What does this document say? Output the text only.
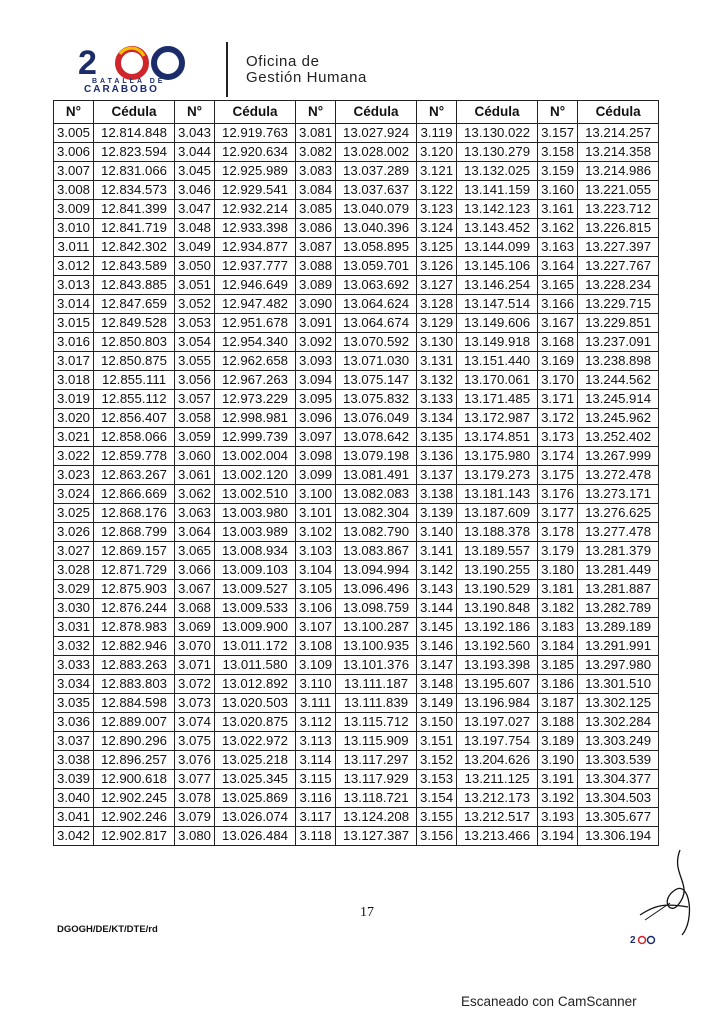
2
BATALLA DE
CARABOBO
Oficina de
Gestión Humana
N°	Cédula	N°	Cédula	N°	Cédula	N°	Cédula	N°	Cédula
3.005	12.814.848	3.043	12.919.763	3.081	13.027.924	3.119	13.130.022	3.157	13.214.257
3.006	12.823.594	3.044	12.920.634	3.082	13.028.002	3.120	13.130.279	3.158	13.214.358
3.007	12.831.066	3.045	12.925.989	3.083	13.037.289	3.121	13.132.025	3.159	13.214.986
3.008	12.834.573	3.046	12.929.541	3.084	13.037.637	3.122	13.141.159	3.160	13.221.055
3.009	12.841.399	3.047	12.932.214	3.085	13.040.079	3.123	13.142.123	3.161	13.223.712
3.010	12.841.719	3.048	12.933.398	3.086	13.040.396	3.124	13.143.452	3.162	13.226.815
3.011	12.842.302	3.049	12.934.877	3.087	13.058.895	3.125	13.144.099	3.163	13.227.397
3.012	12.843.589	3.050	12.937.777	3.088	13.059.701	3.126	13.145.106	3.164	13.227.767
3.013	12.843.885	3.051	12.946.649	3.089	13.063.692	3.127	13.146.254	3.165	13.228.234
3.014	12.847.659	3.052	12.947.482	3.090	13.064.624	3.128	13.147.514	3.166	13.229.715
3.015	12.849.528	3.053	12.951.678	3.091	13.064.674	3.129	13.149.606	3.167	13.229.851
3.016	12.850.803	3.054	12.954.340	3.092	13.070.592	3.130	13.149.918	3.168	13.237.091
3.017	12.850.875	3.055	12.962.658	3.093	13.071.030	3.131	13.151.440	3.169	13.238.898
3.018	12.855.111	3.056	12.967.263	3.094	13.075.147	3.132	13.170.061	3.170	13.244.562
3.019	12.855.112	3.057	12.973.229	3.095	13.075.832	3.133	13.171.485	3.171	13.245.914
3.020	12.856.407	3.058	12.998.981	3.096	13.076.049	3.134	13.172.987	3.172	13.245.962
3.021	12.858.066	3.059	12.999.739	3.097	13.078.642	3.135	13.174.851	3.173	13.252.402
3.022	12.859.778	3.060	13.002.004	3.098	13.079.198	3.136	13.175.980	3.174	13.267.999
3.023	12.863.267	3.061	13.002.120	3.099	13.081.491	3.137	13.179.273	3.175	13.272.478
3.024	12.866.669	3.062	13.002.510	3.100	13.082.083	3.138	13.181.143	3.176	13.273.171
3.025	12.868.176	3.063	13.003.980	3.101	13.082.304	3.139	13.187.609	3.177	13.276.625
3.026	12.868.799	3.064	13.003.989	3.102	13.082.790	3.140	13.188.378	3.178	13.277.478
3.027	12.869.157	3.065	13.008.934	3.103	13.083.867	3.141	13.189.557	3.179	13.281.379
3.028	12.871.729	3.066	13.009.103	3.104	13.094.994	3.142	13.190.255	3.180	13.281.449
3.029	12.875.903	3.067	13.009.527	3.105	13.096.496	3.143	13.190.529	3.181	13.281.887
3.030	12.876.244	3.068	13.009.533	3.106	13.098.759	3.144	13.190.848	3.182	13.282.789
3.031	12.878.983	3.069	13.009.900	3.107	13.100.287	3.145	13.192.186	3.183	13.289.189
3.032	12.882.946	3.070	13.011.172	3.108	13.100.935	3.146	13.192.560	3.184	13.291.991
3.033	12.883.263	3.071	13.011.580	3.109	13.101.376	3.147	13.193.398	3.185	13.297.980
3.034	12.883.803	3.072	13.012.892	3.110	13.111.187	3.148	13.195.607	3.186	13.301.510
3.035	12.884.598	3.073	13.020.503	3.111	13.111.839	3.149	13.196.984	3.187	13.302.125
3.036	12.889.007	3.074	13.020.875	3.112	13.115.712	3.150	13.197.027	3.188	13.302.284
3.037	12.890.296	3.075	13.022.972	3.113	13.115.909	3.151	13.197.754	3.189	13.303.249
3.038	12.896.257	3.076	13.025.218	3.114	13.117.297	3.152	13.204.626	3.190	13.303.539
3.039	12.900.618	3.077	13.025.345	3.115	13.117.929	3.153	13.211.125	3.191	13.304.377
3.040	12.902.245	3.078	13.025.869	3.116	13.118.721	3.154	13.212.173	3.192	13.304.503
3.041	12.902.246	3.079	13.026.074	3.117	13.124.208	3.155	13.212.517	3.193	13.305.677
3.042	12.902.817	3.080	13.026.484	3.118	13.127.387	3.156	13.213.466	3.194	13.306.194
17
DGOGH/DE/KT/DTE/rd
2
Escaneado con CamScanner
